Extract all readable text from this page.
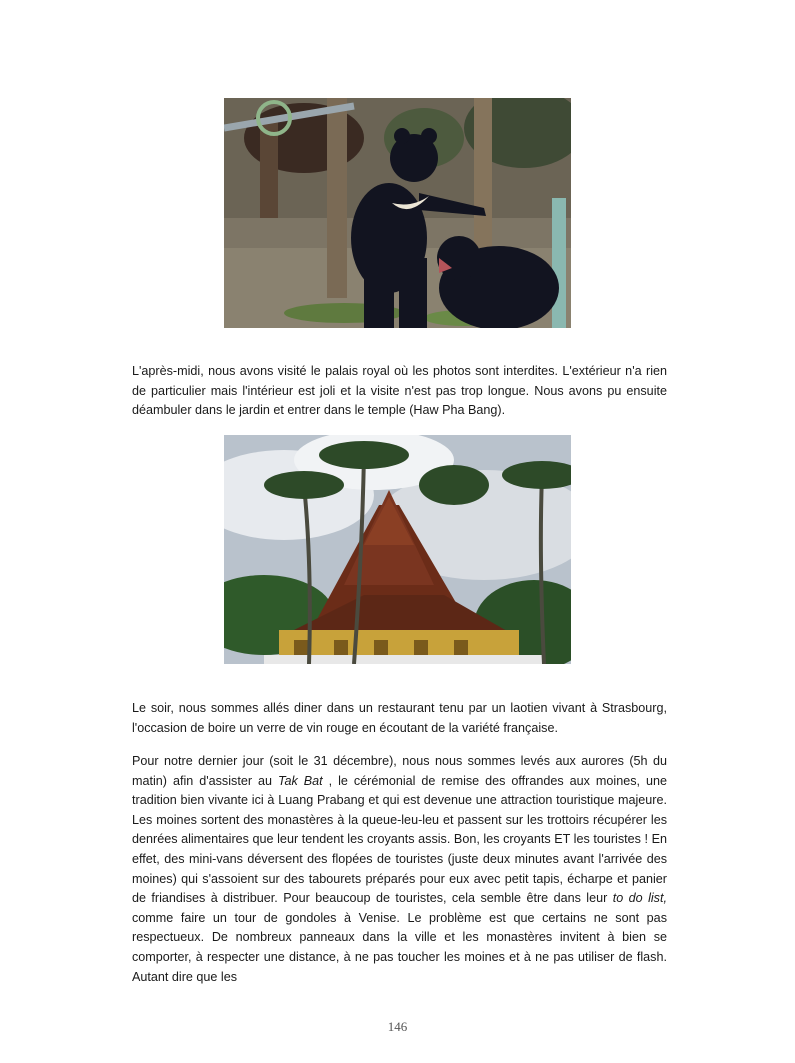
L'après-midi, nous avons visité le palais royal où les photos sont interdites. L'extérieur n'a rien de particulier mais l'intérieur est joli et la visite n'est pas trop longue. Nous avons pu ensuite déambuler dans le jardin et entrer dans le temple (Haw Pha Bang).

Le soir, nous sommes allés diner dans un restaurant tenu par un laotien vivant à Strasbourg, l'occasion de boire un verre de vin rouge en écoutant de la variété française.

Pour notre dernier jour (soit le 31 décembre), nous nous sommes levés aux aurores (5h du matin) afin d'assister au Tak Bat , le cérémonial de remise des offrandes aux moines, une tradition bien vivante ici à Luang Prabang et qui est devenue une attraction touristique majeure. Les moines sortent des monastères à la queue-leu-leu et passent sur les trottoirs récupérer les denrées alimentaires que leur tendent les croyants assis. Bon, les croyants ET les touristes ! En effet, des mini-vans déversent des flopées de touristes (juste deux minutes avant l'arrivée des moines) qui s'assoient sur des tabourets préparés pour eux avec petit tapis, écharpe et panier de friandises à distribuer. Pour beaucoup de touristes, cela semble être dans leur to do list, comme faire un tour de gondoles à Venise. Le problème est que certains ne sont pas respectueux. De nombreux panneaux dans la ville et les monastères invitent à bien se comporter, à respecter une distance, à ne pas toucher les moines et à ne pas utiliser de flash. Autant dire que les

146
